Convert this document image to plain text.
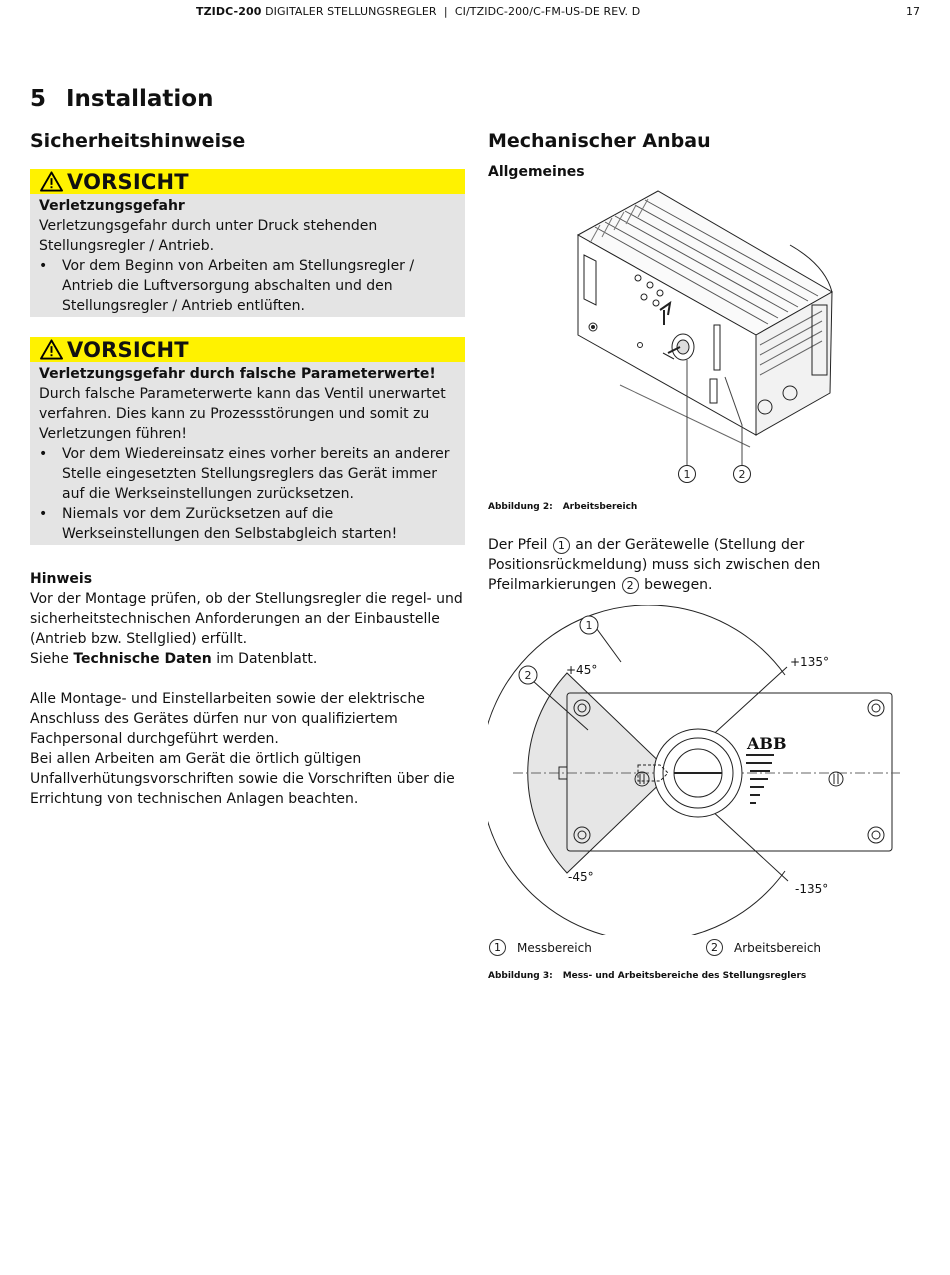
TZIDC-200 DIGITALER STELLUNGSREGLER  |  CI/TZIDC-200/C-FM-US-DE REV. D	17
5 Installation
Sicherheitshinweise
VORSICHT
Verletzungsgefahr
Verletzungsgefahr durch unter Druck stehenden Stellungsregler / Antrieb.
• Vor dem Beginn von Arbeiten am Stellungsregler / Antrieb die Luftversorgung abschalten und den Stellungsregler / Antrieb entlüften.
VORSICHT
Verletzungsgefahr durch falsche Parameterwerte!
Durch falsche Parameterwerte kann das Ventil unerwartet verfahren. Dies kann zu Prozessstörungen und somit zu Verletzungen führen!
• Vor dem Wiedereinsatz eines vorher bereits an anderer Stelle eingesetzten Stellungsreglers das Gerät immer auf die Werkseinstellungen zurücksetzen.
• Niemals vor dem Zurücksetzen auf die Werkseinstellungen den Selbstabgleich starten!
Hinweis
Vor der Montage prüfen, ob der Stellungsregler die regel- und sicherheitstechnischen Anforderungen an der Einbaustelle (Antrieb bzw. Stellglied) erfüllt.
Siehe Technische Daten im Datenblatt.
Alle Montage- und Einstellarbeiten sowie der elektrische Anschluss des Gerätes dürfen nur von qualifiziertem Fachpersonal durchgeführt werden.
Bei allen Arbeiten am Gerät die örtlich gültigen Unfallverhütungsvorschriften sowie die Vorschriften über die Errichtung von technischen Anlagen beachten.
Mechanischer Anbau
Allgemeines
1	2
Abbildung 2: Arbeitsbereich
Der Pfeil 1 an der Gerätewelle (Stellung der Positionsrückmeldung) muss sich zwischen den Pfeilmarkierungen 2 bewegen.
ABB
+45°
+135°
-45°
-135°
1
2
1	Messbereich	2	Arbeitsbereich
Abbildung 3: Mess- und Arbeitsbereiche des Stellungsreglers
